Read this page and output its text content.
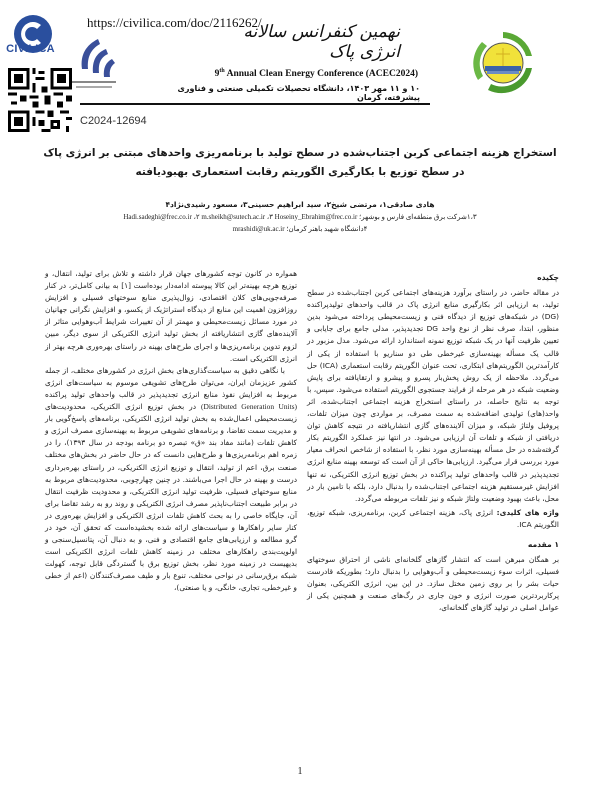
CIVILICA
https://civilica.com/doc/2116262/
C2024-12694
نهمین کنفرانس سالانه انرژی پاک
9th Annual Clean Energy Conference (ACEC2024)
۱۰ و ۱۱ مهر ۱۴۰۳، دانشگاه تحصیلات تکمیلی صنعتی و فناوری پیشرفته، کرمان
استخراج هزینه اجتماعی کربن اجتناب‌شده در سطح تولید با برنامه‌ریزی واحدهای مبتنی بر انرژی پاک
در سطح توزیع با بکارگیری الگوریتم رقابت استعماری بهبودیافته
هادی صادقی۱، مرتضی شیخ۲، سید ابراهیم حسینی۳، مسعود رشیدی‌نژاد۴
۱،۳شرکت برق منطقه‌ای فارس و بوشهر؛ Hadi.sadeghi@frec.co.ir ،۲ m.sheikh@sutech.ac.ir ،۳ Hoseiny_Ebrahim@frec.co.ir
۴دانشگاه شهید باهنر کرمان؛ mrashidi@uk.ac.ir

چکیده

در مقاله حاضر، در راستای برآورد هزینه‌های اجتماعی کربن اجتناب‌شده در سطح تولید، به ارزیابی اثر بکارگیری منابع انرژی پاک در قالب واحدهای تولیدپراکنده (DG) در شبکه‌های توزیع از دیدگاه فنی و زیست‌محیطی پرداخته می‌شود بدین منظور، ابتدا، صرف نظر از نوع واحد DG تجدیدپذیر، مدلی جامع برای جایابی و تعیین ظرفیت آنها در یک شبکه توزیع نمونه استاندارد ارائه می‌شود. مدل مزبور در قالب یک مسأله بهینه‌سازی غیرخطی طی دو سناریو با استفاده از یکی از کارآمدترین الگوریتم‌های ابتکاری، تحت عنوان الگوریتم رقابت استعماری (ICA) حل می‌گردد. ملاحظه از یک روش پخش‌بار پسرو و پیشرو و ارتقایافته برای پایش وضعیت شبکه در هر مرحله از فرایند جستجوی الگوریتم استفاده می‌شود. سپس، با توجه به نتایج حاصله، در راستای استخراج هزینه اجتماعی اجتناب‌شده، اثر واحد(های) تولیدی اضافه‌شده به سمت مصرف، بر مواردی چون میزان تلفات، پروفیل ولتاژ شبکه، و میزان آلاینده‌های گازی انتشاریافته در نتیجه کاهش توان دریافتی از شبکه و تلفات آن ارزیابی می‌شود. در انتها نیز عملکرد الگوریتم بکار گرفته‌شده در حل مسأله بهینه‌سازی مورد نظر، با استفاده از شاخص انحراف معیار مورد بررسی قرار می‌گیرد. ارزیابی‌ها حاکی از آن است که توسعه بهینه منابع انرژی تجدیدپذیر در قالب واحدهای تولید پراکنده در بخش توزیع انرژی الکتریکی، نه تنها افزایش غیرمستقیم هزینه اجتماعی اجتناب‌شده را بدنبال دارد، بلکه با تامین بار در محل، باعث بهبود وضعیت ولتاژ شبکه و نیز تلفات مربوطه می‌گردد.

واژه های کلیدی: انرژی پاک، هزینه اجتماعی کربن، برنامه‌ریزی، شبکه توزیع، الگوریتم ICA.

۱ مقدمه

بر همگان مبرهن است که انتشار گازهای گلخانه‌ای ناشی از احتراق سوختهای فسیلی، اثرات سوء زیست‌محیطی و آب‌وهوایی را بدنبال دارد؛ بطوریکه قادرست حیات بشر را بر روی زمین مختل سازد. در این بین، انرژی الکتریکی، بعنوان پرکاربردترین صورت انرژی و خون جاری در رگ‌های صنعت و همچنین یکی از عوامل اصلی در تولید گازهای گلخانه‌ای،

همواره در کانون توجه کشورهای جهان قرار داشته و تلاش برای تولید، انتقال، و توزیع هرچه بهینه‌تر این کالا پیوسته ادامه‌دار بوده‌است [۱] به بیانی کامل‌تر، در کنار صرفه‌جویی‌های کلان اقتصادی، زوال‌پذیری منابع سوختهای فسیلی و افزایش روزافزون اهمیت این منابع از دیدگاه استراتژیک از یکسو، و افزایش نگرانی جهانیان در مورد مسائل زیست‌محیطی و مهمتر از آن تغییرات شرایط آب‌وهوایی متاثر از آلاینده‌های گازی انتشاریافته از بخش تولید انرژی الکتریکی از سوی دیگر، مبین لزوم تدوین برنامه‌ریزی‌ها و اجرای طرح‌های بهینه در راستای بهره‌وری هرچه بهتر از انرژی الکتریکی است.

با نگاهی دقیق به سیاست‌گذاری‌های بخش انرژی در کشورهای مختلف، از جمله کشور عزیزمان ایران، می‌توان طرح‌های تشویقی موسوم به سیاست‌های انرژی مربوط به افزایش نفوذ منابع انرژی تجدیدپذیر در قالب واحدهای تولید پراکنده (Distributed Generation Units) در بخش توزیع انرژی الکتریکی، محدودیت‌های زیست‌محیطی اعمال‌شده به بخش تولید انرژی الکتریکی، برنامه‌های پاسخ‌گویی بار و مدیریت سمت تقاضا، و برنامه‌های تشویقی مربوط به بهینه‌سازی مصرف انرژی و کاهش تلفات (مانند مفاد بند «ق» تبصره دو برنامه بودجه در سال ۱۳۹۳)، را در زمره اهم برنامه‌ریزی‌ها و طرح‌هایی دانست که در حال حاضر در بخش‌های مختلف صنعت برق، اعم از تولید، انتقال و توزیع انرژی الکتریکی، در راستای بهره‌برداری درست و بهینه در حال اجرا می‌باشند. در چنین چهارچوبی، محدودیت‌های مربوط به منابع سوختهای فسیلی، ظرفیت تولید انرژی الکتریکی، و محدودیت ظرفیت انتقال در برابر طبیعت اجتناب‌ناپذیر مصرف انرژی الکتریکی و روند رو به رشد تقاضا برای آن، جایگاه خاصی را به بحث کاهش تلفات انرژی الکتریکی و افزایش بهره‌وری در کنار سایر راهکارها و سیاست‌های ارائه شده بخشیده‌است که تحقق آن، خود در گرو مطالعه و ارزیابی‌های جامع اقتصادی و فنی، و به دنبال آن، پتانسیل‌سنجی و اولویت‌بندی راهکارهای مختلف در زمینه کاهش تلفات انرژی الکتریکی است بدیهیست در زمینه مورد نظر، بخش توزیع برق با گستردگی قابل توجه، کهولت شبکه برق‌رسانی در نواحی مختلف، تنوع بار و طیف مصرف‌کنندگان (اعم از خطی و غیرخطی، تجاری، خانگی، و یا صنعتی)،

1
